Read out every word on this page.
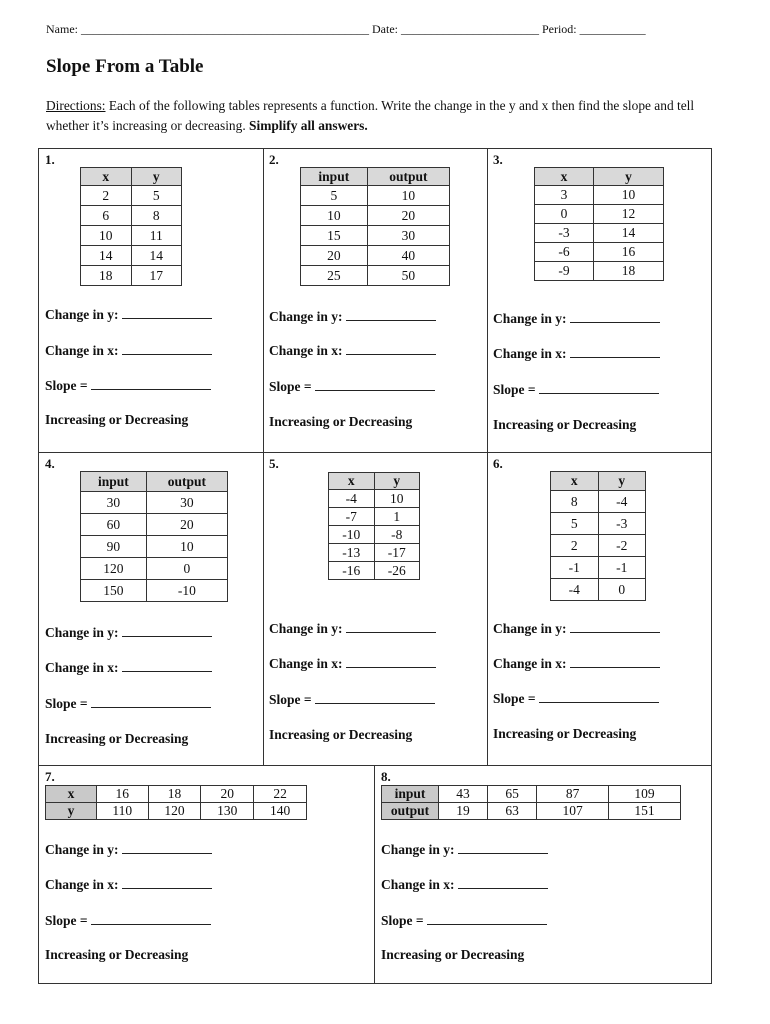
Name: ________________________________________________ Date: _______________________ Period: ___________
Slope From a Table
Directions: Each of the following tables represents a function. Write the change in the y and x then find the slope and tell whether it’s increasing or decreasing. Simplify all answers.
1.
x	y
2	5
6	8
10	11
14	14
18	17
Change in y:
Change in x:
Slope =
Increasing or Decreasing
2.
input	output
5	10
10	20
15	30
20	40
25	50
Change in y:
Change in x:
Slope =
Increasing or Decreasing
3.
x	y
3	10
0	12
-3	14
-6	16
-9	18
Change in y:
Change in x:
Slope =
Increasing or Decreasing
4.
input	output
30	30
60	20
90	10
120	0
150	-10
Change in y:
Change in x:
Slope =
Increasing or Decreasing
5.
x	y
-4	10
-7	1
-10	-8
-13	-17
-16	-26
Change in y:
Change in x:
Slope =
Increasing or Decreasing
6.
x	y
8	-4
5	-3
2	-2
-1	-1
-4	0
Change in y:
Change in x:
Slope =
Increasing or Decreasing
7.
x	16	18	20	22
y	110	120	130	140
Change in y:
Change in x:
Slope =
Increasing or Decreasing
8.
input	43	65	87	109
output	19	63	107	151
Change in y:
Change in x:
Slope =
Increasing or Decreasing
